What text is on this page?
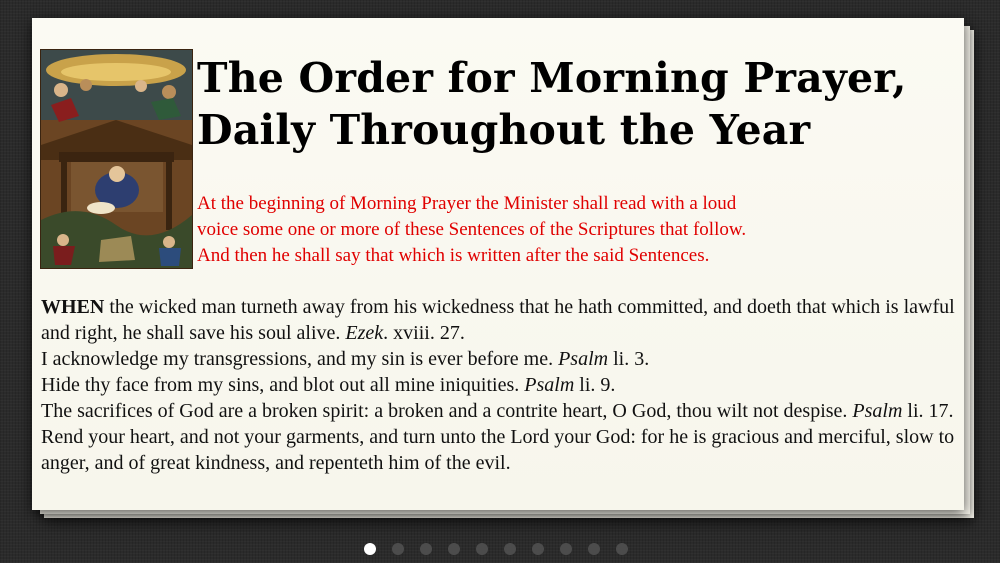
The Order for Morning Prayer,
Daily Throughout the Year
At the beginning of Morning Prayer the Minister shall read with a loud
voice some one or more of these Sentences of the Scriptures that follow.
And then he shall say that which is written after the said Sentences.

WHEN the wicked man turneth away from his wickedness that he hath committed, and doeth that which is lawful and right, he shall save his soul alive. Ezek. xviii. 27.

I acknowledge my transgressions, and my sin is ever before me. Psalm li. 3.

Hide thy face from my sins, and blot out all mine iniquities. Psalm li. 9.

The sacrifices of God are a broken spirit: a broken and a contrite heart, O God, thou wilt not despise. Psalm li. 17.

Rend your heart, and not your garments, and turn unto the Lord your God: for he is gracious and merciful, slow to anger, and of great kindness, and repenteth him of the evil.
